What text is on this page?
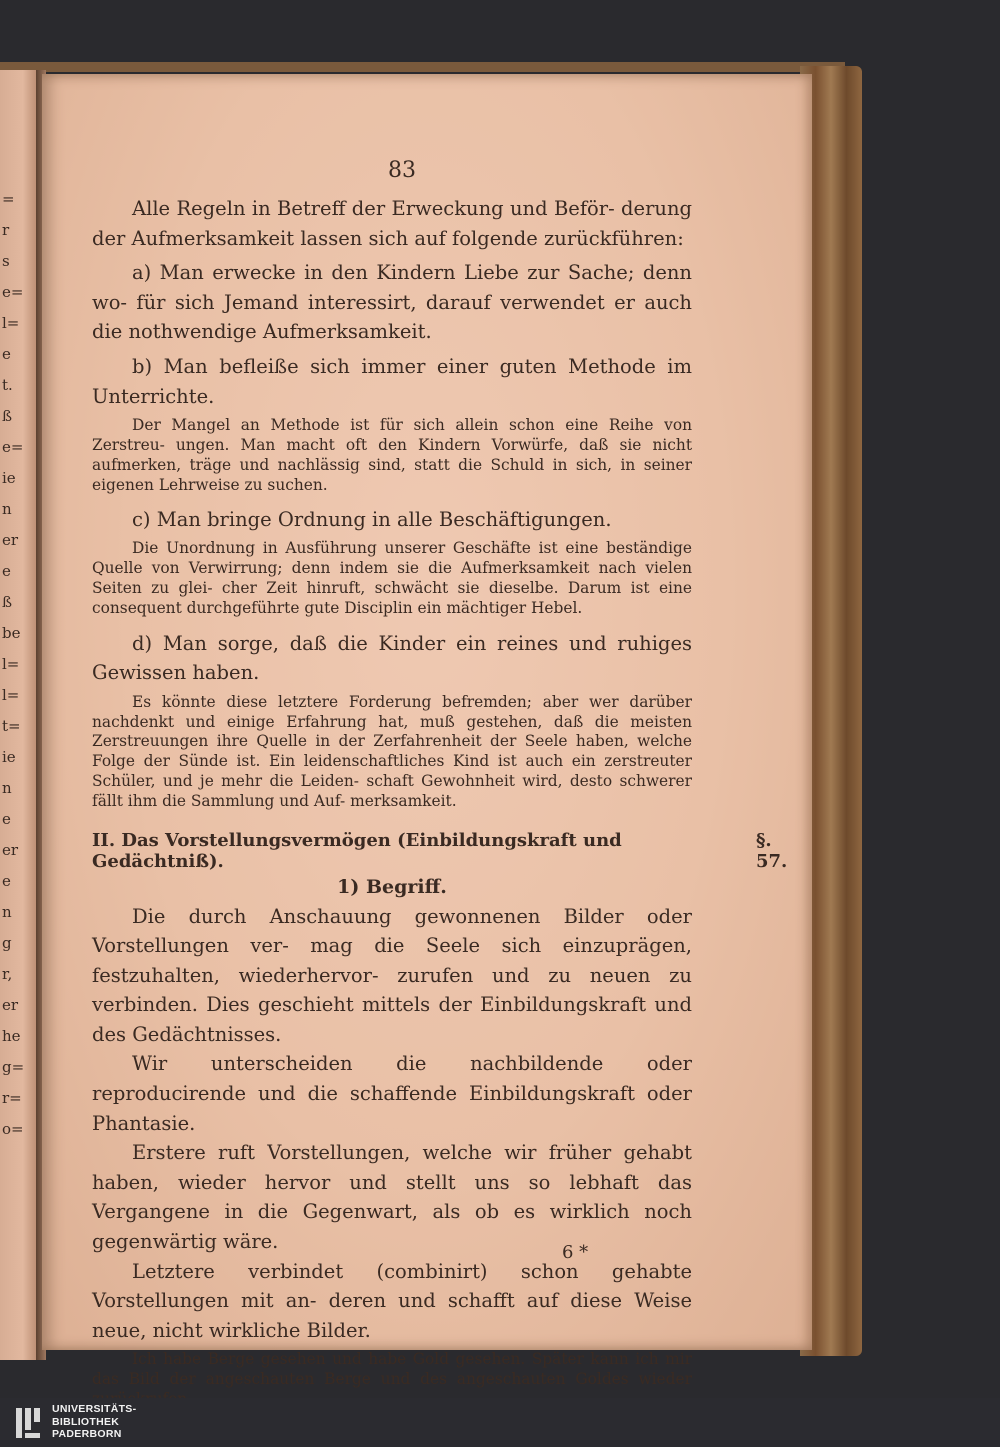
=
r
s
e=
l=
e
t.
ß
e=
ie
n
er
e
ß
be
l=
l=
t=
ie
n
e
er
e
n
g
r,
er
he
g=
r=
o=
83

Alle Regeln in Betreff der Erweckung und Beför- derung der Aufmerksamkeit lassen sich auf folgende zurückführen:

a) Man erwecke in den Kindern Liebe zur Sache; denn wo- für sich Jemand interessirt, darauf verwendet er auch die nothwendige Aufmerksamkeit.

b) Man befleiße sich immer einer guten Methode im Unterrichte.

Der Mangel an Methode ist für sich allein schon eine Reihe von Zerstreu- ungen. Man macht oft den Kindern Vorwürfe, daß sie nicht aufmerken, träge und nachlässig sind, statt die Schuld in sich, in seiner eigenen Lehrweise zu suchen.

c) Man bringe Ordnung in alle Beschäftigungen.

Die Unordnung in Ausführung unserer Geschäfte ist eine beständige Quelle von Verwirrung; denn indem sie die Aufmerksamkeit nach vielen Seiten zu glei- cher Zeit hinruft, schwächt sie dieselbe. Darum ist eine consequent durchgeführte gute Disciplin ein mächtiger Hebel.

d) Man sorge, daß die Kinder ein reines und ruhiges Gewissen haben.

Es könnte diese letztere Forderung befremden; aber wer darüber nachdenkt und einige Erfahrung hat, muß gestehen, daß die meisten Zerstreuungen ihre Quelle in der Zerfahrenheit der Seele haben, welche Folge der Sünde ist. Ein leidenschaftliches Kind ist auch ein zerstreuter Schüler, und je mehr die Leiden- schaft Gewohnheit wird, desto schwerer fällt ihm die Sammlung und Auf- merksamkeit.

II. Das Vorstellungsvermögen (Einbildungskraft und Gedächtniß).
§. 57.
1) Begriff.

Die durch Anschauung gewonnenen Bilder oder Vorstellungen ver- mag die Seele sich einzuprägen, festzuhalten, wiederhervor- zurufen und zu neuen zu verbinden. Dies geschieht mittels der Einbildungskraft und des Gedächtnisses.

Wir unterscheiden die nachbildende oder reproducirende und die schaffende Einbildungskraft oder Phantasie.

Erstere ruft Vorstellungen, welche wir früher gehabt haben, wieder hervor und stellt uns so lebhaft das Vergangene in die Gegenwart, als ob es wirklich noch gegenwärtig wäre.

Letztere verbindet (combinirt) schon gehabte Vorstellungen mit an- deren und schafft auf diese Weise neue, nicht wirkliche Bilder.

Ich habe Berge gesehen und habe Gold gesehen. Später kann ich mir das Bild der angeschauten Berge und des angeschauten Goldes wieder

6 *
UNIVERSITÄTS-
BIBLIOTHEK
PADERBORN
